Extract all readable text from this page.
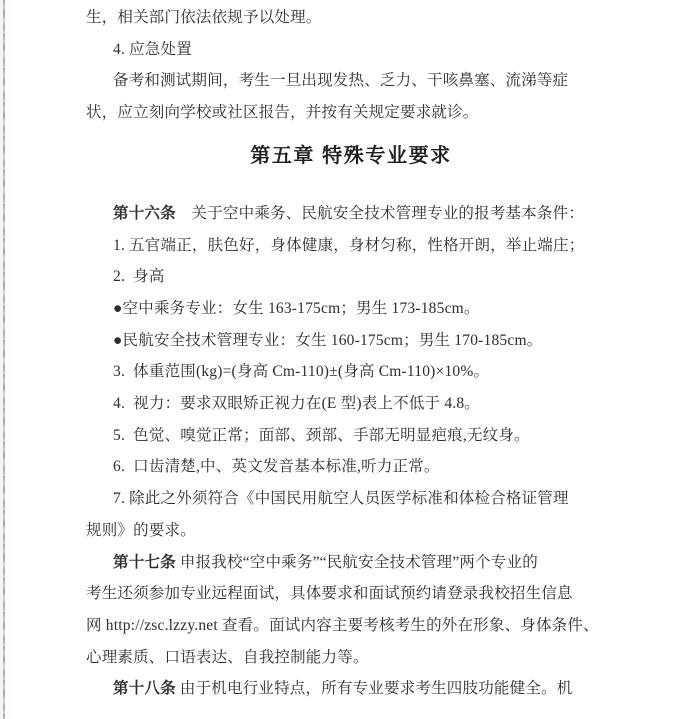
生，相关部门依法依规予以处理。
4. 应急处置
备考和测试期间，考生一旦出现发热、乏力、干咳鼻塞、流涕等症
状，应立刻向学校或社区报告，并按有关规定要求就诊。
第五章 特殊专业要求
第十六条　关于空中乘务、民航安全技术管理专业的报考基本条件：
1. 五官端正，肤色好，身体健康，身材匀称，性格开朗，举止端庄；
2.  身高
●空中乘务专业：女生 163-175cm；男生 173-185cm。
●民航安全技术管理专业：女生 160-175cm；男生 170-185cm。
3.  体重范围(kg)=(身高 Cm-110)±(身高 Cm-110)×10%。
4.  视力：要求双眼矫正视力在(E 型)表上不低于 4.8。
5.  色觉、嗅觉正常；面部、颈部、手部无明显疤痕,无纹身。
6.  口齿清楚,中、英文发音基本标准,听力正常。
7. 除此之外须符合《中国民用航空人员医学标准和体检合格证管理
规则》的要求。
第十七条 申报我校“空中乘务”“民航安全技术管理”两个专业的
考生还须参加专业远程面试，具体要求和面试预约请登录我校招生信息
网 http://zsc.lzzy.net 查看。面试内容主要考核考生的外在形象、身体条件、
心理素质、口语表达、自我控制能力等。
第十八条 由于机电行业特点，所有专业要求考生四肢功能健全。机
